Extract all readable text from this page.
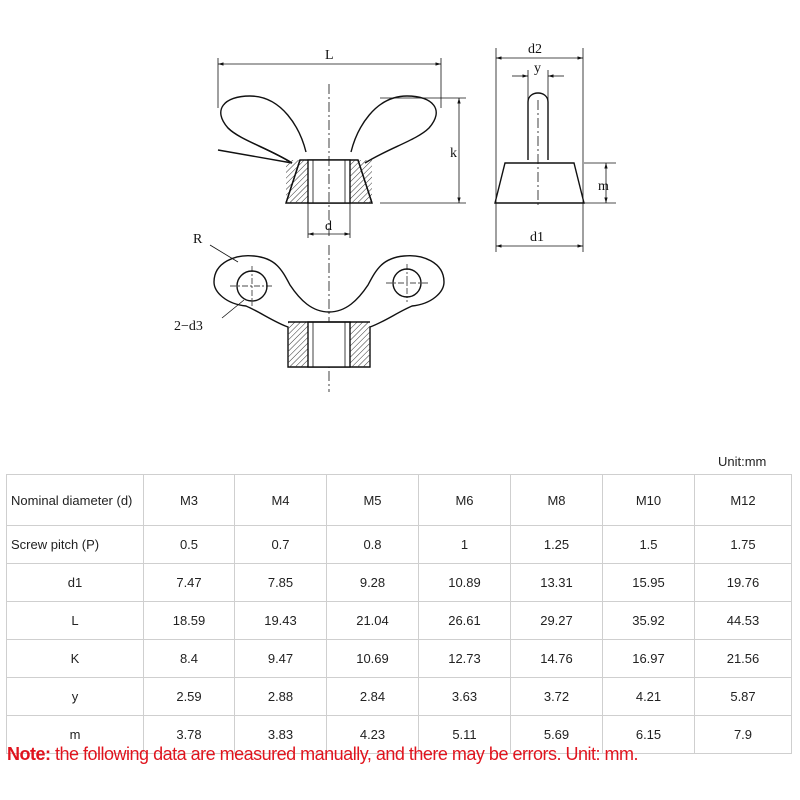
L
k
d
d2
y
m
d1
R
2−d3
Unit:mm
Nominal diameter (d)	M3	M4	M5	M6	M8	M10	M12
Screw pitch (P)	0.5	0.7	0.8	1	1.25	1.5	1.75
d1	7.47	7.85	9.28	10.89	13.31	15.95	19.76
L	18.59	19.43	21.04	26.61	29.27	35.92	44.53
K	8.4	9.47	10.69	12.73	14.76	16.97	21.56
y	2.59	2.88	2.84	3.63	3.72	4.21	5.87
m	3.78	3.83	4.23	5.11	5.69	6.15	7.9
Note: the following data are measured manually, and there may be errors. Unit: mm.
